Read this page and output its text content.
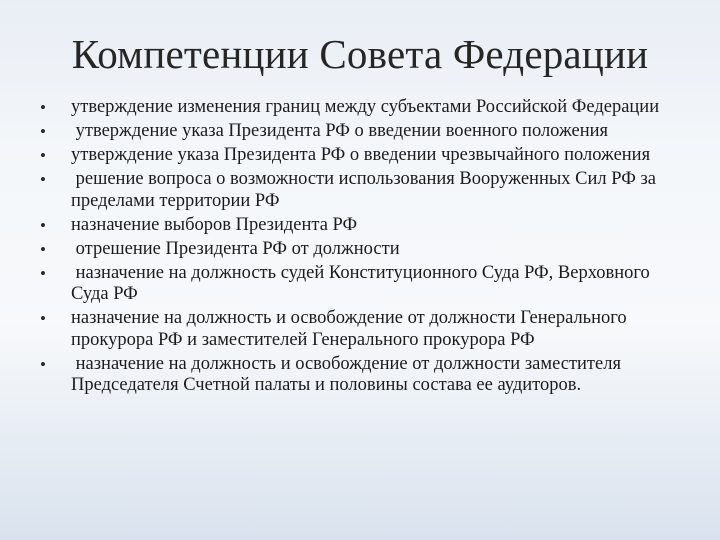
Компетенции Совета Федерации
•	утверждение изменения границ между субъектами Российской Федерации
•	утверждение указа Президента РФ о введении военного положения
•	утверждение указа Президента РФ о введении чрезвычайного положения
•	решение вопроса о возможности использования Вооруженных Сил РФ за пределами территории РФ
•	назначение выборов Президента РФ
•	отрешение Президента РФ от должности
•	назначение на должность судей Конституционного Суда РФ, Верховного Суда РФ
•	назначение на должность и освобождение от должности Генерального прокурора РФ и заместителей Генерального прокурора РФ
•	назначение на должность и освобождение от должности заместителя Председателя Счетной палаты и половины состава ее аудиторов.
